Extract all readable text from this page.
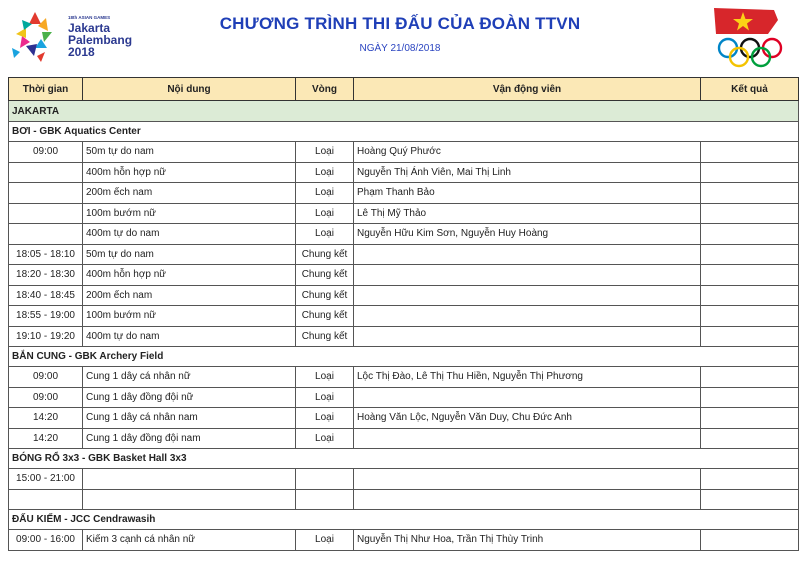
18th ASIAN GAMES
Jakarta
Palembang
2018
CHƯƠNG TRÌNH THI ĐẤU CỦA ĐOÀN TTVN
NGÀY 21/08/2018
Thời gian	Nội dung	Vòng	Vận động viên	Kết quả
JAKARTA				
BƠI - GBK Aquatics Center				
09:00	50m tự do nam	Loại	Hoàng Quý Phước	
	400m hỗn hợp nữ	Loại	Nguyễn Thị Ánh Viên, Mai Thị Linh	
	200m ếch nam	Loại	Phạm Thanh Bảo	
	100m bướm nữ	Loại	Lê Thị Mỹ Thảo	
	400m tự do nam	Loại	Nguyễn Hữu Kim Sơn, Nguyễn Huy Hoàng	
18:05 - 18:10	50m tự do nam	Chung kết		
18:20 - 18:30	400m hỗn hợp nữ	Chung kết		
18:40 - 18:45	200m ếch nam	Chung kết		
18:55 - 19:00	100m bướm nữ	Chung kết		
19:10 - 19:20	400m tự do nam	Chung kết		
BẮN CUNG - GBK Archery Field				
09:00	Cung 1 dây cá nhân nữ	Loại	Lộc Thị Đào, Lê Thị Thu Hiền, Nguyễn Thị Phương	
09:00	Cung 1 dây đồng đội nữ	Loại		
14:20	Cung 1 dây cá nhân nam	Loại	Hoàng Văn Lộc, Nguyễn Văn Duy, Chu Đức Anh	
14:20	Cung 1 dây đồng đội nam	Loại		
BÓNG RỔ 3x3 - GBK Basket Hall 3x3				
15:00 - 21:00				

ĐẤU KIẾM - JCC Cendrawasih				
09:00 - 16:00	Kiếm 3 cạnh cá nhân nữ	Loại	Nguyễn Thị Như Hoa, Trần Thị Thùy Trinh	
